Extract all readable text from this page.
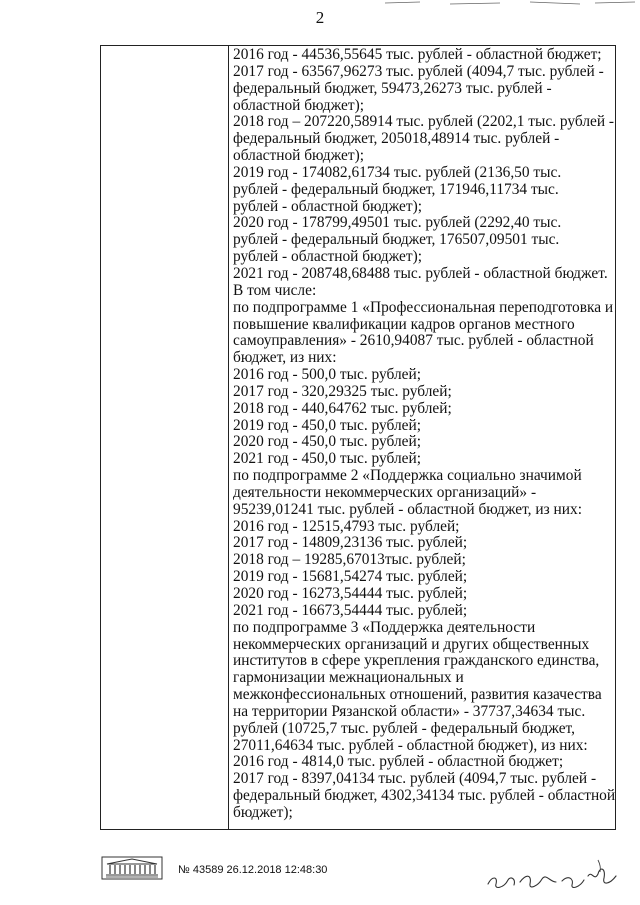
2
2016 год - 44536,55645 тыс. рублей - областной бюджет;
2017 год - 63567,96273 тыс. рублей (4094,7 тыс. рублей -
федеральный бюджет, 59473,26273 тыс. рублей -
областной бюджет);
2018 год – 207220,58914 тыс. рублей (2202,1 тыс. рублей -
федеральный бюджет, 205018,48914 тыс. рублей -
областной бюджет);
2019 год - 174082,61734 тыс. рублей (2136,50 тыс.
рублей - федеральный бюджет, 171946,11734 тыс.
рублей - областной бюджет);
2020 год - 178799,49501 тыс. рублей (2292,40 тыс.
рублей - федеральный бюджет, 176507,09501 тыс.
рублей - областной бюджет);
2021 год - 208748,68488 тыс. рублей - областной бюджет.
В том числе:
по подпрограмме 1 «Профессиональная переподготовка и
повышение квалификации кадров органов местного
самоуправления» - 2610,94087 тыс. рублей - областной
бюджет, из них:
2016 год - 500,0 тыс. рублей;
2017 год - 320,29325 тыс. рублей;
2018 год - 440,64762 тыс. рублей;
2019 год - 450,0 тыс. рублей;
2020 год - 450,0 тыс. рублей;
2021 год - 450,0 тыс. рублей;
по подпрограмме 2 «Поддержка социально значимой
деятельности некоммерческих организаций» -
95239,01241 тыс. рублей - областной бюджет, из них:
2016 год - 12515,4793 тыс. рублей;
2017 год - 14809,23136 тыс. рублей;
2018 год – 19285,67013тыс. рублей;
2019 год - 15681,54274 тыс. рублей;
2020 год - 16273,54444 тыс. рублей;
2021 год - 16673,54444 тыс. рублей;
по подпрограмме 3 «Поддержка деятельности
некоммерческих организаций и других общественных
институтов в сфере укрепления гражданского единства,
гармонизации межнациональных и
межконфессиональных отношений, развития казачества
на территории Рязанской области» - 37737,34634 тыс.
рублей (10725,7 тыс. рублей - федеральный бюджет,
27011,64634 тыс. рублей - областной бюджет), из них:
2016 год - 4814,0 тыс. рублей - областной бюджет;
2017 год - 8397,04134 тыс. рублей (4094,7 тыс. рублей -
федеральный бюджет, 4302,34134 тыс. рублей - областной
бюджет);
№ 43589 26.12.2018 12:48:30
